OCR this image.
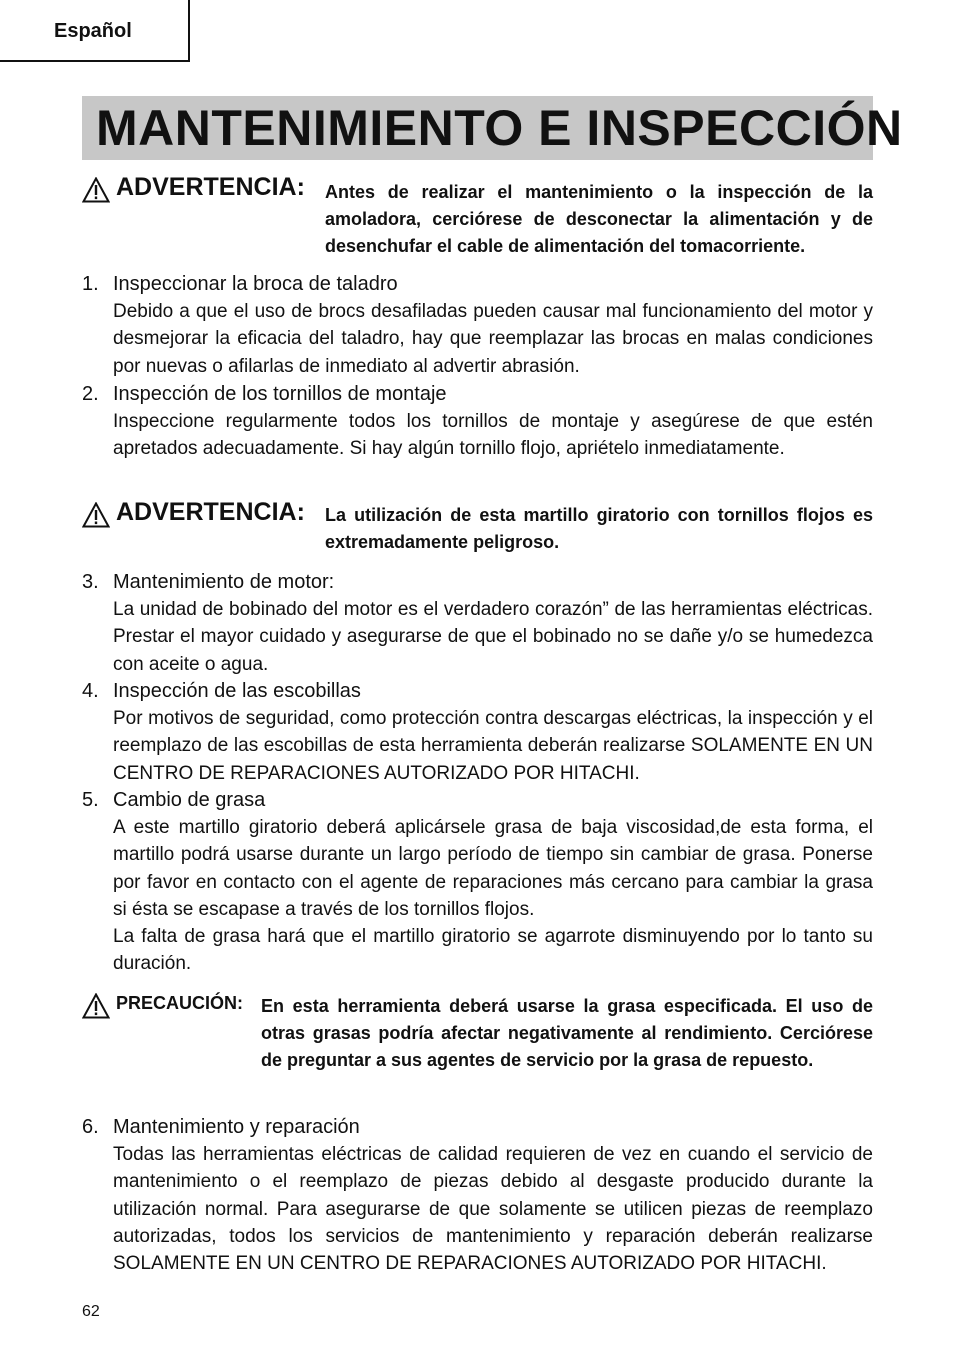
Español
MANTENIMIENTO E INSPECCIÓN
ADVERTENCIA: Antes de realizar el mantenimiento o la inspección de la amoladora, cerciórese de desconectar la alimentación y de desenchufar el cable de alimentación del tomacorriente.
1. Inspeccionar la broca de taladro
Debido a que el uso de brocs desafiladas pueden causar mal funcionamiento del motor y desmejorar la eficacia del taladro, hay que reemplazar las brocas en malas condiciones por nuevas o afilarlas de inmediato al advertir abrasión.
2. Inspección de los tornillos de montaje
Inspeccione regularmente todos los tornillos de montaje y asegúrese de que estén apretados adecuadamente. Si hay algún tornillo flojo, apriételo inmediatamente.
ADVERTENCIA: La utilización de esta martillo giratorio con tornillos flojos es extremadamente peligroso.
3. Mantenimiento de motor:
La unidad de bobinado del motor es el verdadero corazón” de las herramientas eléctricas. Prestar el mayor cuidado y asegurarse de que el bobinado no se dañe y/o se humedezca con aceite o agua.
4. Inspección de las escobillas
Por motivos de seguridad, como protección contra descargas eléctricas, la inspección y el reemplazo de las escobillas de esta herramienta deberán realizarse SOLAMENTE EN UN CENTRO DE REPARACIONES AUTORIZADO POR HITACHI.
5. Cambio de grasa

A este martillo giratorio deberá aplicársele grasa de baja viscosidad,de esta forma, el martillo podrá usarse durante un largo período de tiempo sin cambiar de grasa. Ponerse por favor en contacto con el agente de reparaciones más cercano para cambiar la grasa si ésta se escapase a través de los tornillos flojos.

La falta de grasa hará que el martillo giratorio se agarrote disminuyendo por lo tanto su duración.

PRECAUCIÓN: En esta herramienta deberá usarse la grasa especificada. El uso de otras grasas podría afectar negativamente al rendimiento. Cerciórese de preguntar a sus agentes de servicio por la grasa de repuesto.
6. Mantenimiento y reparación
Todas las herramientas eléctricas de calidad requieren de vez en cuando el servicio de mantenimiento o el reemplazo de piezas debido al desgaste producido durante la utilización normal. Para asegurarse de que solamente se utilicen piezas de reemplazo autorizadas, todos los servicios de mantenimiento y reparación deberán realizarse SOLAMENTE EN UN CENTRO DE REPARACIONES AUTORIZADO POR HITACHI.
62
